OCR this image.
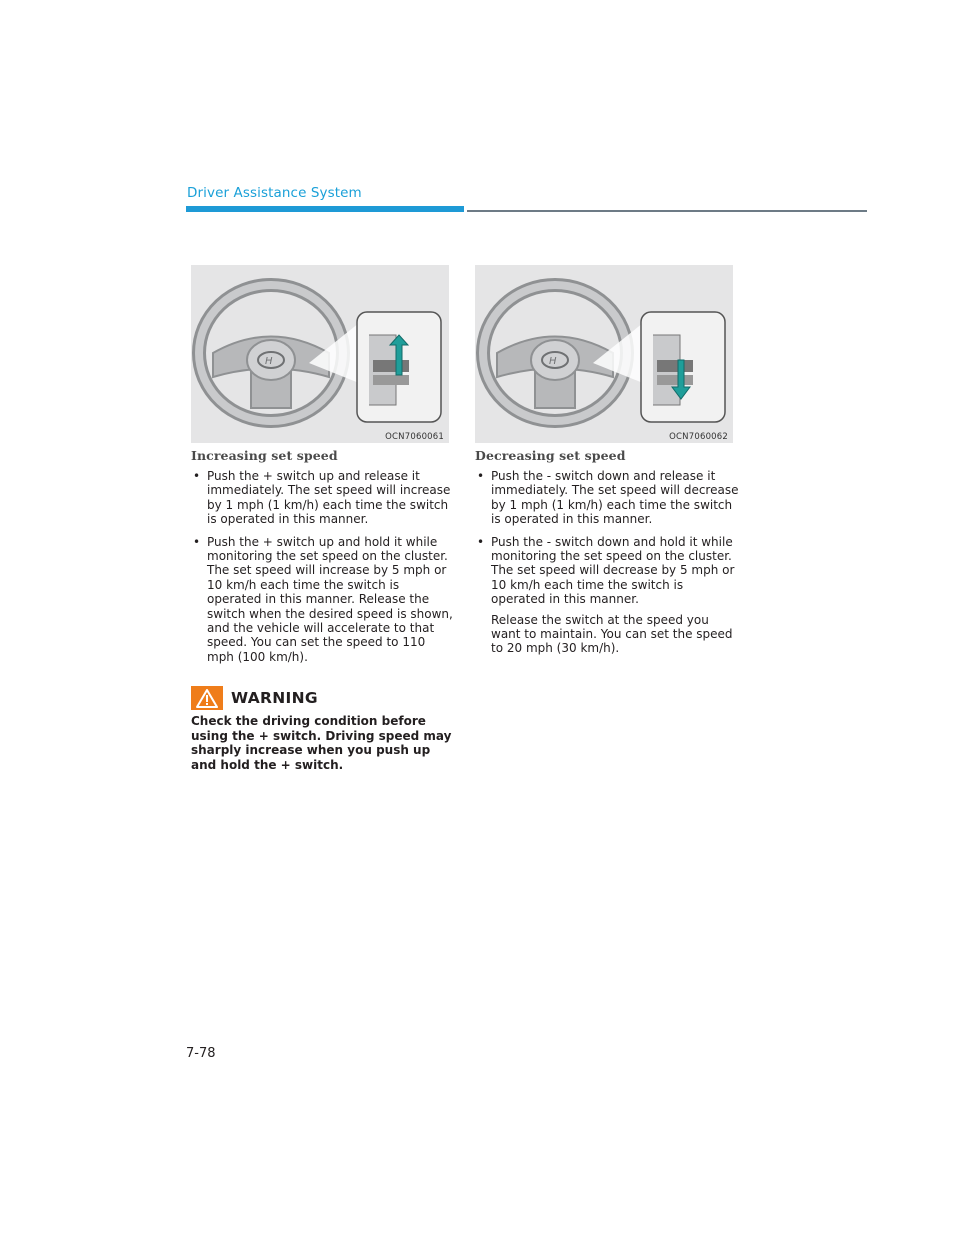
Driver Assistance System
H
OCN7060061
H
OCN7060062
Increasing set speed
• Push the + switch up and release it immediately. The set speed will increase by 1 mph (1 km/h) each time the switch is operated in this manner.
• Push the + switch up and hold it while monitoring the set speed on the cluster. The set speed will increase by 5 mph or 10 km/h each time the switch is operated in this manner. Release the switch when the desired speed is shown, and the vehicle will accelerate to that speed. You can set the speed to 110 mph (100 km/h).
WARNING
Check the driving condition before using the + switch. Driving speed may sharply increase when you push up and hold the + switch.
Decreasing set speed
• Push the - switch down and release it immediately. The set speed will decrease by 1 mph (1 km/h) each time the switch is operated in this manner.
• Push the - switch down and hold it while monitoring the set speed on the cluster. The set speed will decrease by 5 mph or 10 km/h each time the switch is operated in this manner.
Release the switch at the speed you want to maintain. You can set the speed to 20 mph (30 km/h).
7-78
